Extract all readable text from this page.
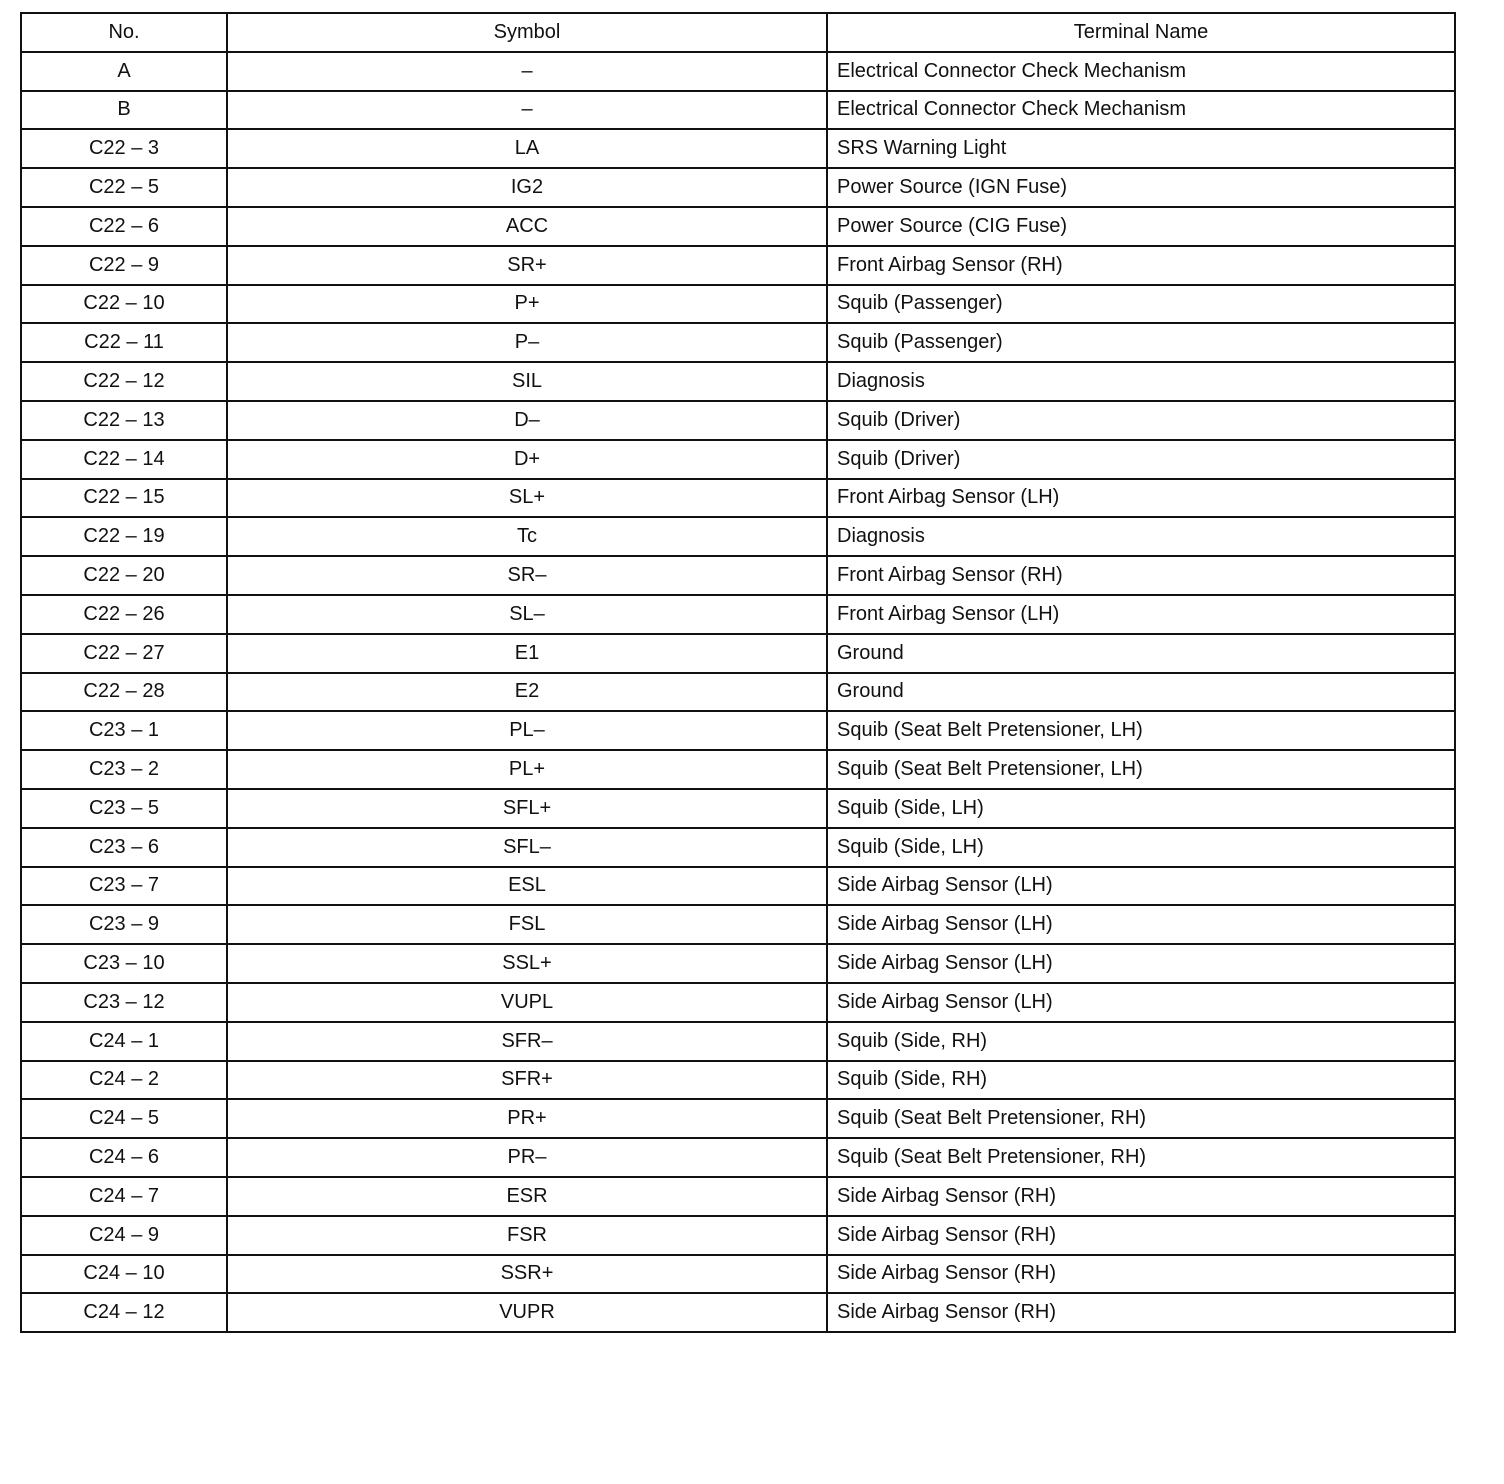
No.	Symbol	Terminal Name
A	–	Electrical Connector Check Mechanism
B	–	Electrical Connector Check Mechanism
C22 – 3	LA	SRS Warning Light
C22 – 5	IG2	Power Source (IGN Fuse)
C22 – 6	ACC	Power Source (CIG Fuse)
C22 – 9	SR+	Front Airbag Sensor (RH)
C22 – 10	P+	Squib (Passenger)
C22 – 11	P–	Squib (Passenger)
C22 – 12	SIL	Diagnosis
C22 – 13	D–	Squib (Driver)
C22 – 14	D+	Squib (Driver)
C22 – 15	SL+	Front Airbag Sensor (LH)
C22 – 19	Tc	Diagnosis
C22 – 20	SR–	Front Airbag Sensor (RH)
C22 – 26	SL–	Front Airbag Sensor (LH)
C22 – 27	E1	Ground
C22 – 28	E2	Ground
C23 – 1	PL–	Squib (Seat Belt Pretensioner, LH)
C23 – 2	PL+	Squib (Seat Belt Pretensioner, LH)
C23 – 5	SFL+	Squib (Side, LH)
C23 – 6	SFL–	Squib (Side, LH)
C23 – 7	ESL	Side Airbag Sensor (LH)
C23 – 9	FSL	Side Airbag Sensor (LH)
C23 – 10	SSL+	Side Airbag Sensor (LH)
C23 – 12	VUPL	Side Airbag Sensor (LH)
C24 – 1	SFR–	Squib (Side, RH)
C24 – 2	SFR+	Squib (Side, RH)
C24 – 5	PR+	Squib (Seat Belt Pretensioner, RH)
C24 – 6	PR–	Squib (Seat Belt Pretensioner, RH)
C24 – 7	ESR	Side Airbag Sensor (RH)
C24 – 9	FSR	Side Airbag Sensor (RH)
C24 – 10	SSR+	Side Airbag Sensor (RH)
C24 – 12	VUPR	Side Airbag Sensor (RH)
